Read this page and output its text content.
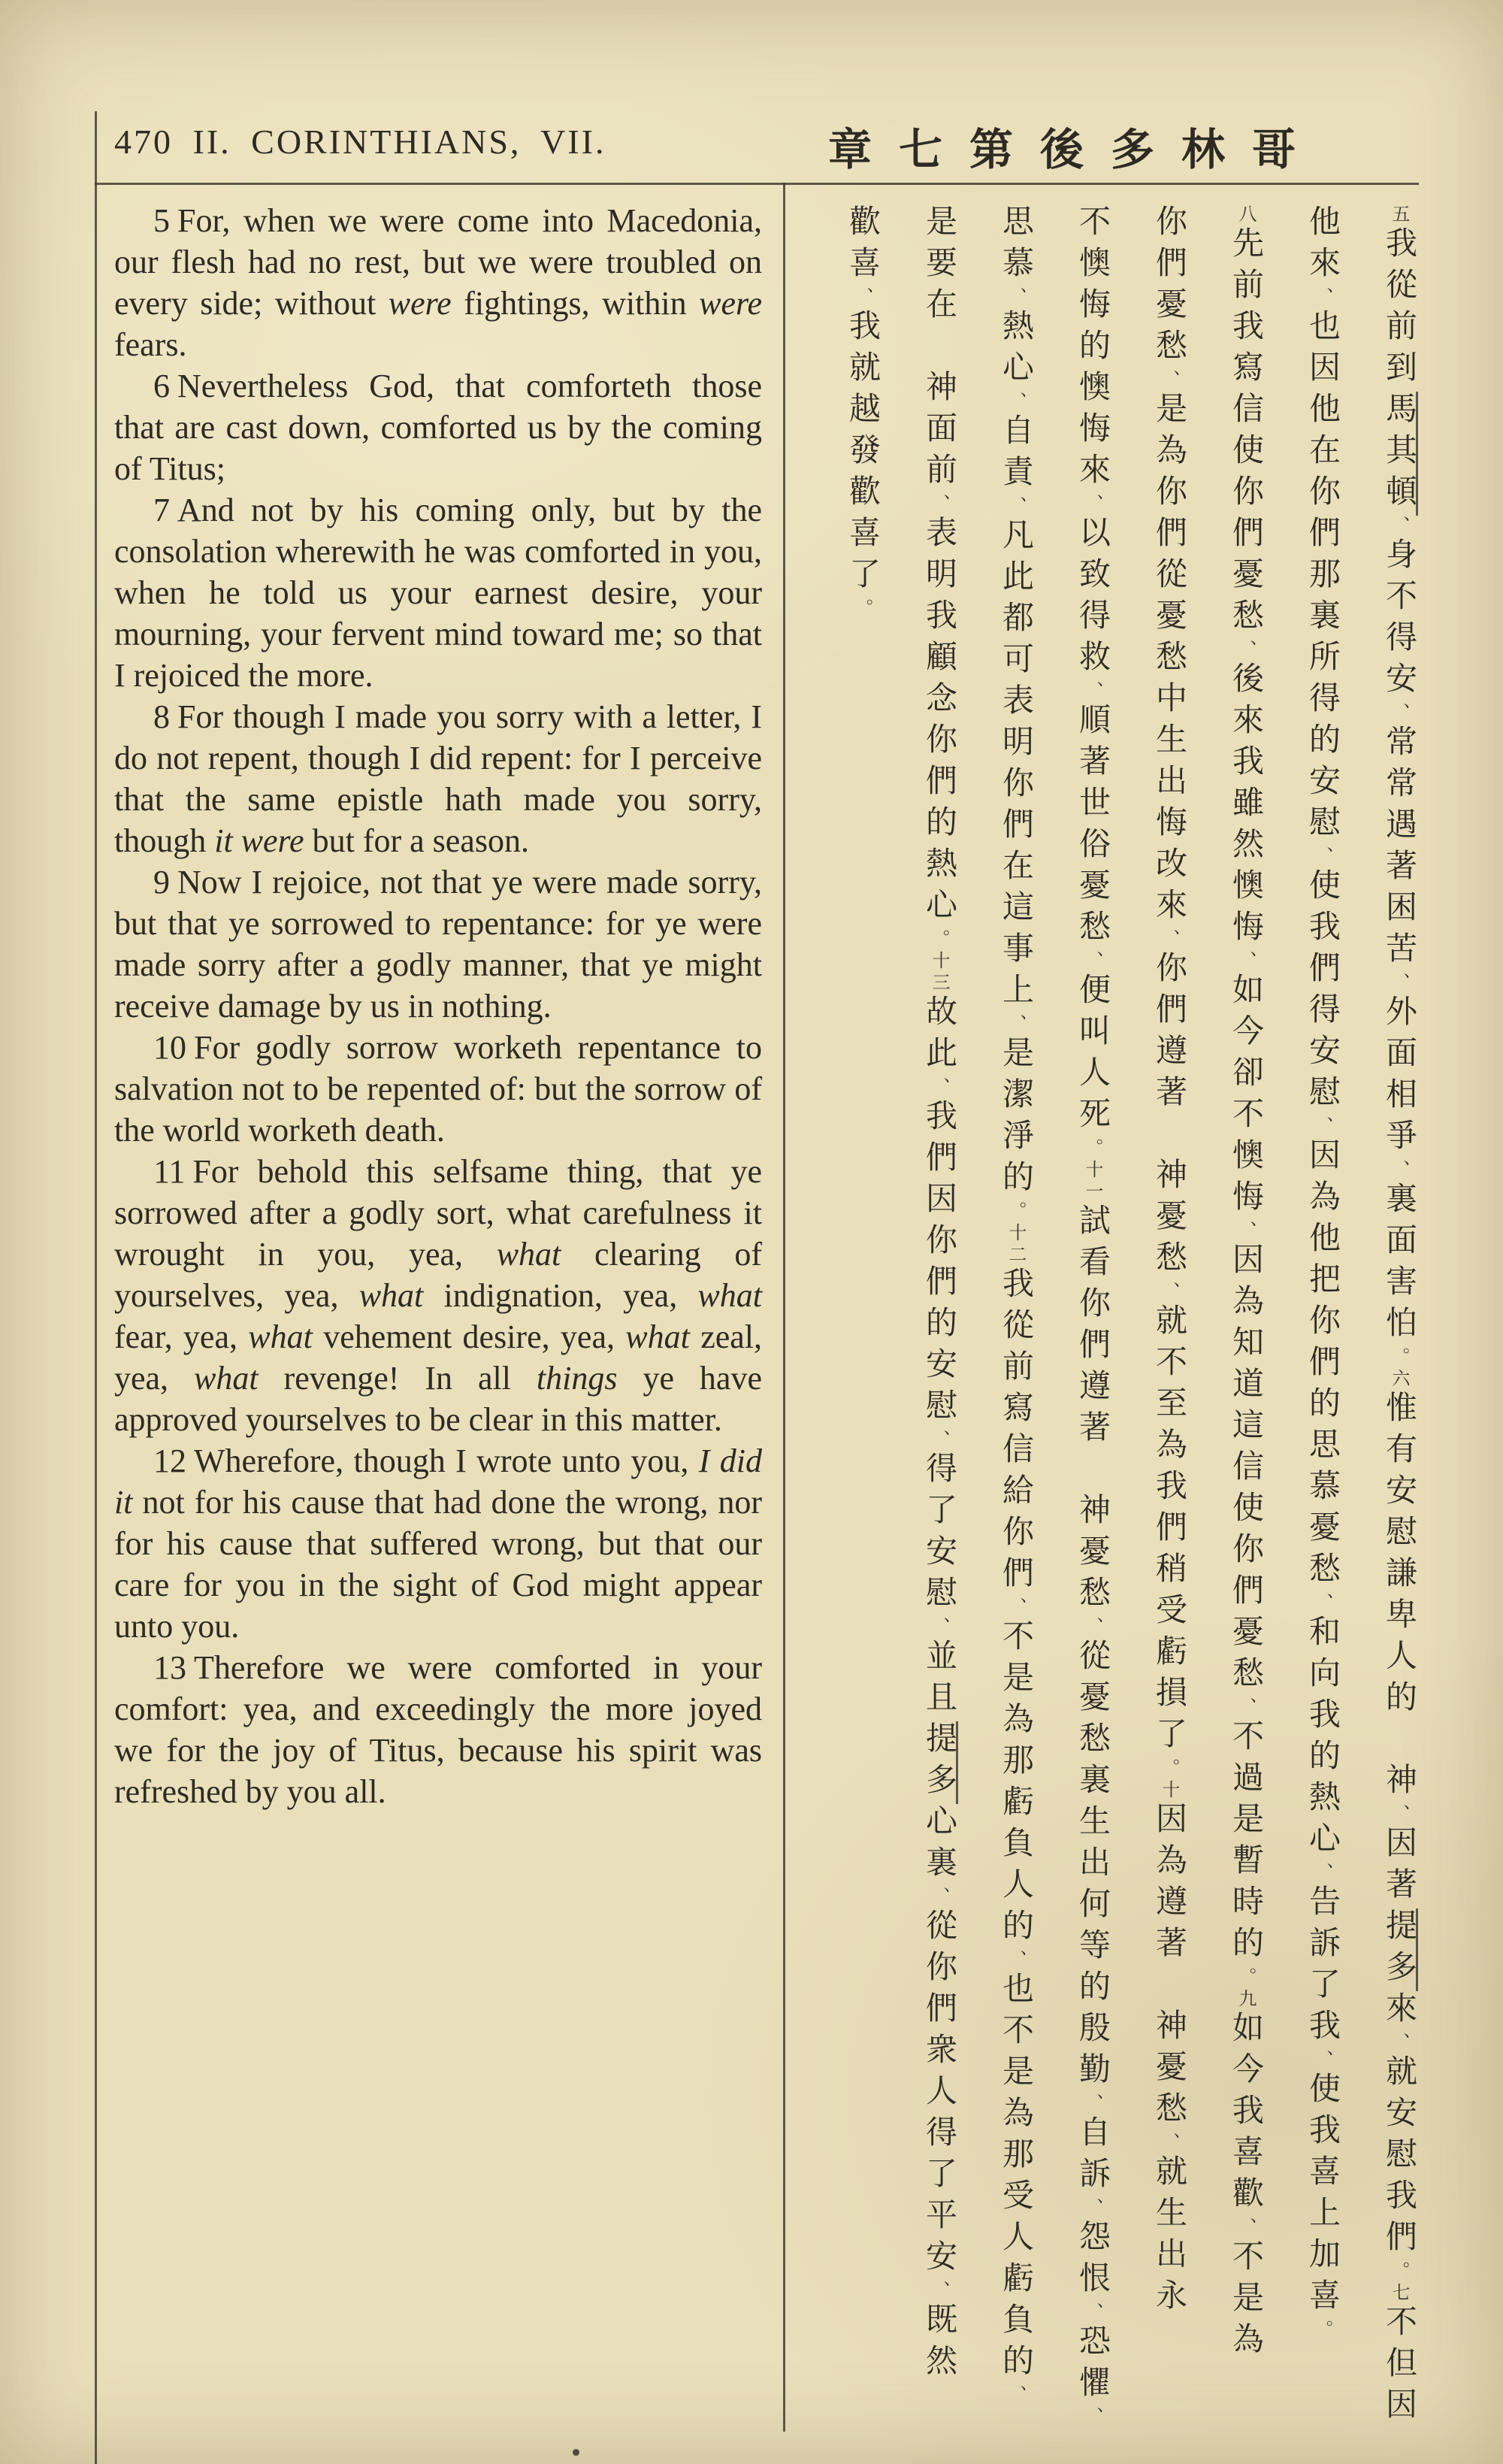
470 II. CORINTHIANS, VII.	章七第後多林哥

5 For, when we were come into Macedonia, our flesh had no rest, but we were troubled on every side; without were fightings, within were fears.

6 Nevertheless God, that comforteth those that are cast down, comforted us by the coming of Titus;

7 And not by his coming only, but by the consolation wherewith he was comforted in you, when he told us your earnest desire, your mourning, your fervent mind toward me; so that I rejoiced the more.

8 For though I made you sorry with a letter, I do not repent, though I did repent: for I perceive that the same epistle hath made you sorry, though it were but for a season.

9 Now I rejoice, not that ye were made sorry, but that ye sorrowed to repentance: for ye were made sorry after a godly manner, that ye might receive damage by us in nothing.

10 For godly sorrow worketh repentance to salvation not to be repented of: but the sorrow of the world worketh death.

11 For behold this selfsame thing, that ye sorrowed after a godly sort, what carefulness it wrought in you, yea, what clearing of yourselves, yea, what indignation, yea, what fear, yea, what vehement desire, yea, what zeal, yea, what revenge! In all things ye have approved yourselves to be clear in this matter.

12 Wherefore, though I wrote unto you, I did it not for his cause that had done the wrong, nor for his cause that suffered wrong, but that our care for you in the sight of God might appear unto you.

13 Therefore we were comforted in your comfort: yea, and exceedingly the more joyed we for the joy of Titus, because his spirit was refreshed by you all.

五我從前到馬其頓、身不得安、常常遇著困苦、外面相爭、裏面害怕。六惟有安慰謙卑人的　神、因著提多來、就安慰我們。七不但因
他來、也因他在你們那裏所得的安慰、使我們得安慰、因為他把你們的思慕憂愁、和向我的熱心、告訴了我、使我喜上加喜。
八先前我寫信使你們憂愁、後來我雖然懊悔、如今卻不懊悔、因為知道這信使你們憂愁、不過是暫時的。九如今我喜歡、不是為
你們憂愁、是為你們從憂愁中生出悔改來、你們遵著　神憂愁、就不至為我們稍受虧損了。十因為遵著　神憂愁、就生出永
不懊悔的懊悔來、以致得救、順著世俗憂愁、便叫人死。十一試看你們遵著　神憂愁、從憂愁裏生出何等的殷勤、自訴、怨恨、恐懼、
思慕、熱心、自責、凡此都可表明你們在這事上、是潔淨的。十二我從前寫信給你們、不是為那虧負人的、也不是為那受人虧負的、
是要在　神面前、表明我顧念你們的熱心。十三故此、我們因你們的安慰、得了安慰、並且提多心裏、從你們衆人得了平安、既然
歡喜、我就越發歡喜了。
